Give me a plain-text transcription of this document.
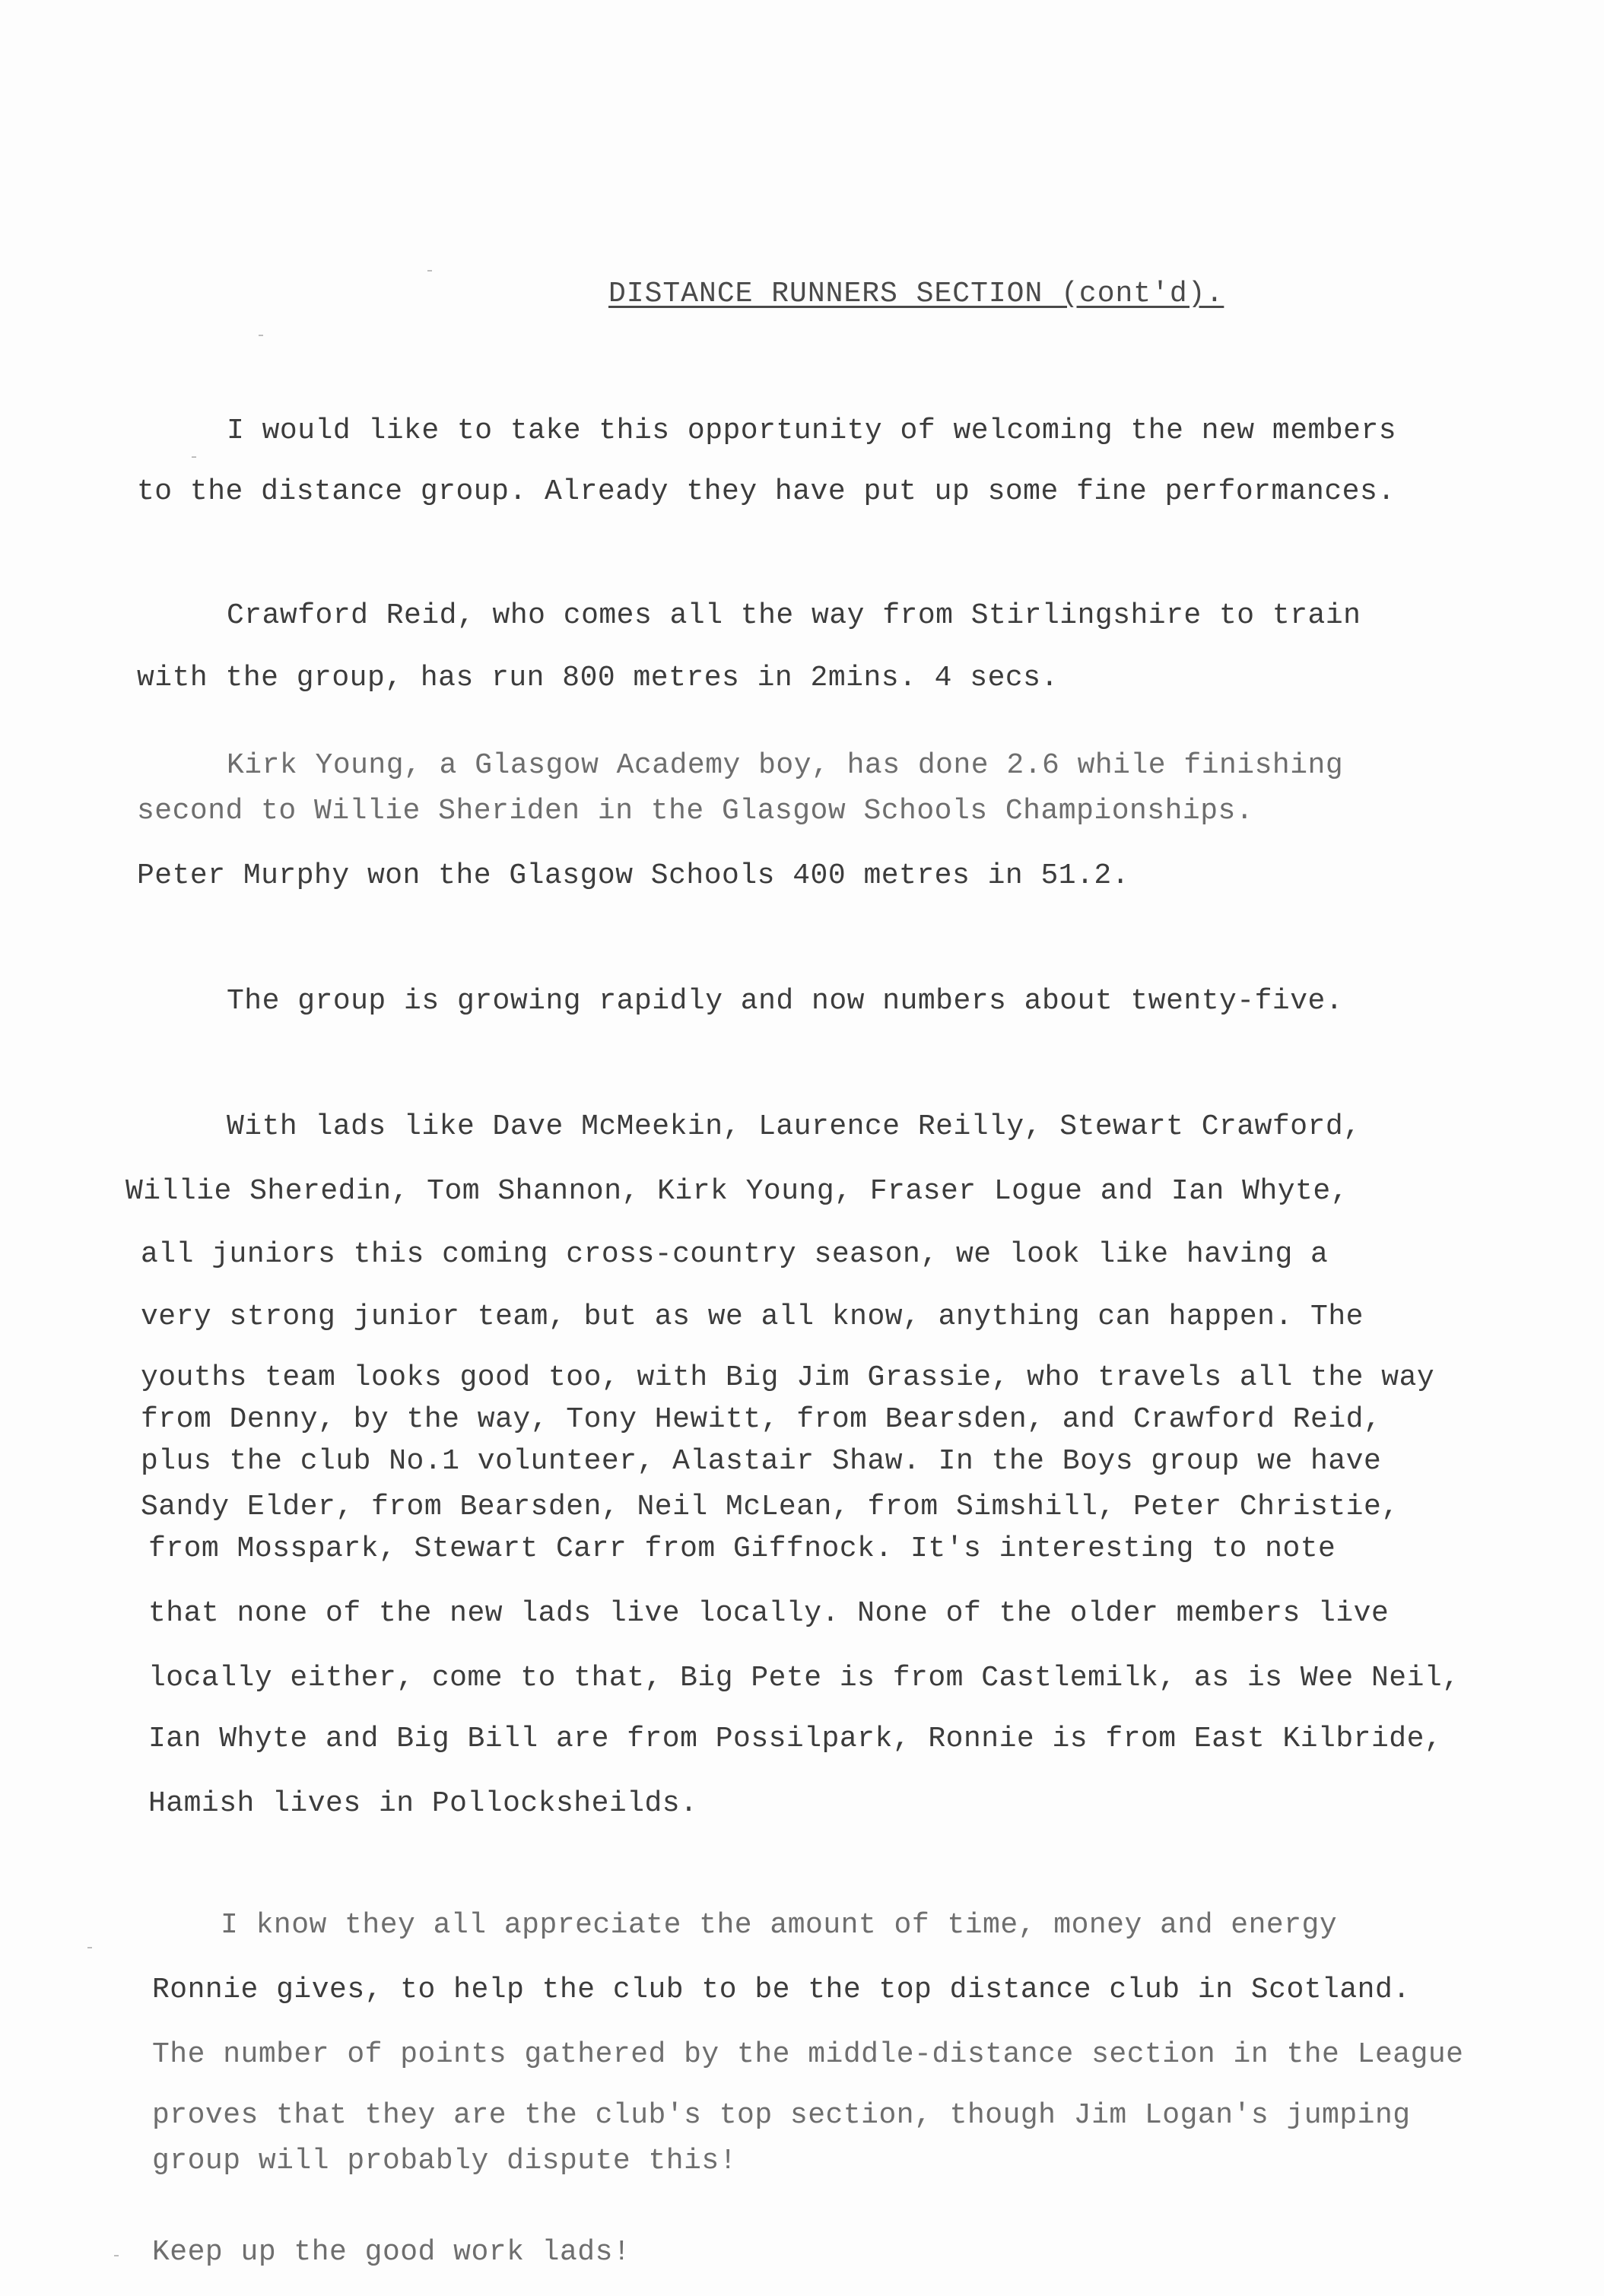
DISTANCE RUNNERS SECTION (cont'd).
I would like to take this opportunity of welcoming the new members
to the distance group. Already they have put up some fine performances.
Crawford Reid, who comes all the way from Stirlingshire to train
with the group, has run 800 metres in 2mins. 4 secs.
Kirk Young, a Glasgow Academy boy, has done 2.6 while finishing
second to Willie Sheriden in the Glasgow Schools Championships.
Peter Murphy won the Glasgow Schools 400 metres in 51.2.
The group is growing rapidly and now numbers about twenty-five.
With lads like Dave McMeekin, Laurence Reilly, Stewart Crawford,
Willie Sheredin, Tom Shannon, Kirk Young, Fraser Logue and Ian Whyte,
all juniors this coming cross-country season, we look like having a
very strong junior team, but as we all know, anything can happen. The
youths team looks good too, with Big Jim Grassie, who travels all the way
from Denny, by the way, Tony Hewitt, from Bearsden, and Crawford Reid,
plus the club No.1 volunteer, Alastair Shaw. In the Boys group we have
Sandy Elder, from Bearsden, Neil McLean, from Simshill, Peter Christie,
from Mosspark, Stewart Carr from Giffnock. It's interesting to note
that none of the new lads live locally. None of the older members live
locally either, come to that, Big Pete is from Castlemilk, as is Wee Neil,
Ian Whyte and Big Bill are from Possilpark, Ronnie is from East Kilbride,
Hamish lives in Pollocksheilds.
I know they all appreciate the amount of time, money and energy
Ronnie gives, to help the club to be the top distance club in Scotland.
The number of points gathered by the middle-distance section in the League
proves that they are the club's top section, though Jim Logan's jumping
group will probably dispute this!
Keep up the good work lads!
